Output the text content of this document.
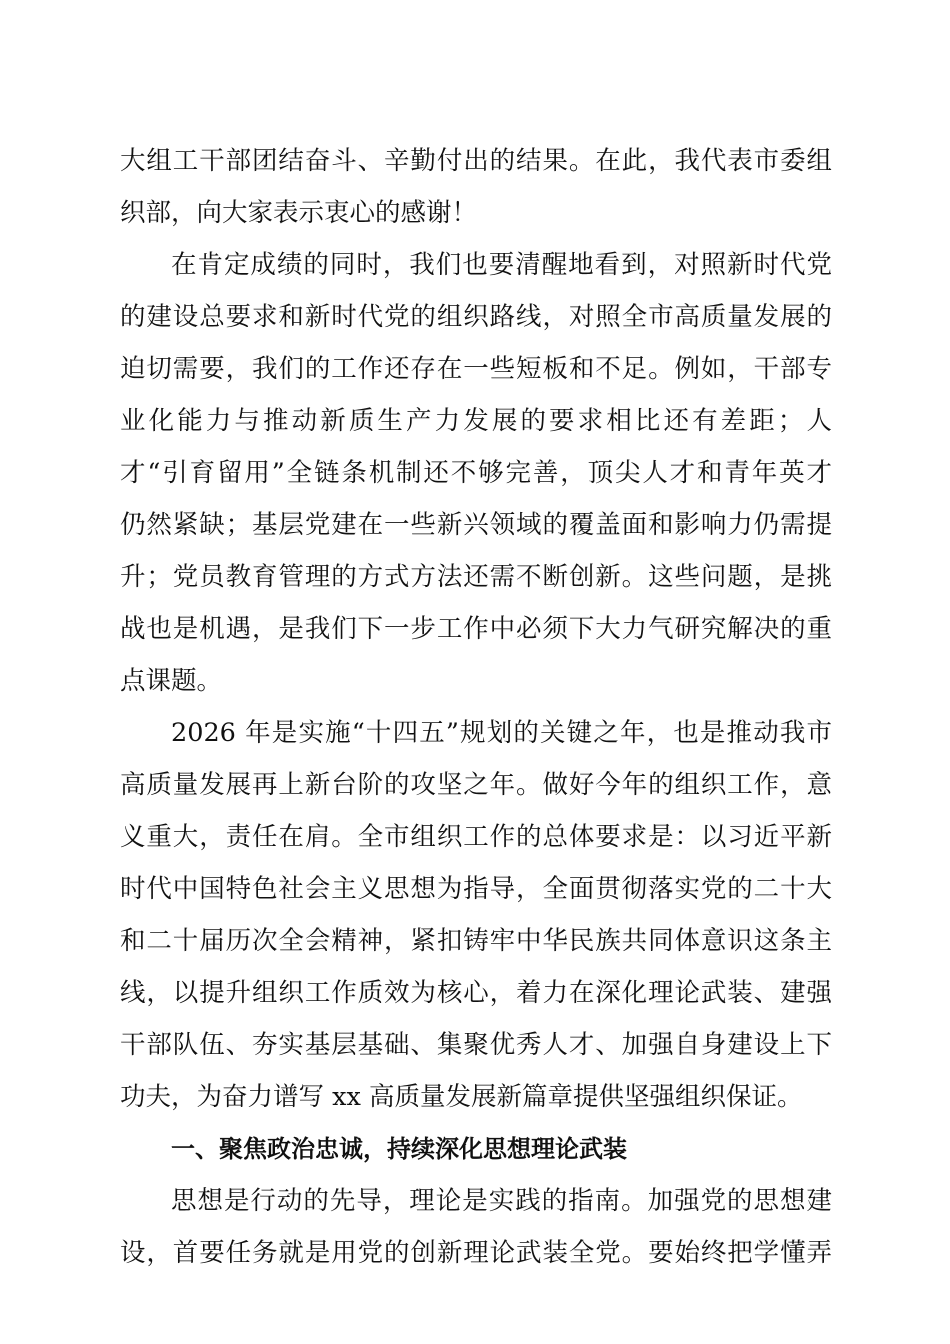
大组工干部团结奋斗、辛勤付出的结果。在此，我代表市委组
织部，向大家表示衷心的感谢！
在肯定成绩的同时，我们也要清醒地看到，对照新时代党
的建设总要求和新时代党的组织路线，对照全市高质量发展的
迫切需要，我们的工作还存在一些短板和不足。例如，干部专
业化能力与推动新质生产力发展的要求相比还有差距；人
才“引育留用”全链条机制还不够完善，顶尖人才和青年英才
仍然紧缺；基层党建在一些新兴领域的覆盖面和影响力仍需提
升；党员教育管理的方式方法还需不断创新。这些问题，是挑
战也是机遇，是我们下一步工作中必须下大力气研究解决的重
点课题。
2026 年是实施“十四五”规划的关键之年，也是推动我市
高质量发展再上新台阶的攻坚之年。做好今年的组织工作，意
义重大，责任在肩。全市组织工作的总体要求是：以习近平新
时代中国特色社会主义思想为指导，全面贯彻落实党的二十大
和二十届历次全会精神，紧扣铸牢中华民族共同体意识这条主
线，以提升组织工作质效为核心，着力在深化理论武装、建强
干部队伍、夯实基层基础、集聚优秀人才、加强自身建设上下
功夫，为奋力谱写 xx 高质量发展新篇章提供坚强组织保证。
一、聚焦政治忠诚，持续深化思想理论武装
思想是行动的先导，理论是实践的指南。加强党的思想建
设，首要任务就是用党的创新理论武装全党。要始终把学懂弄
